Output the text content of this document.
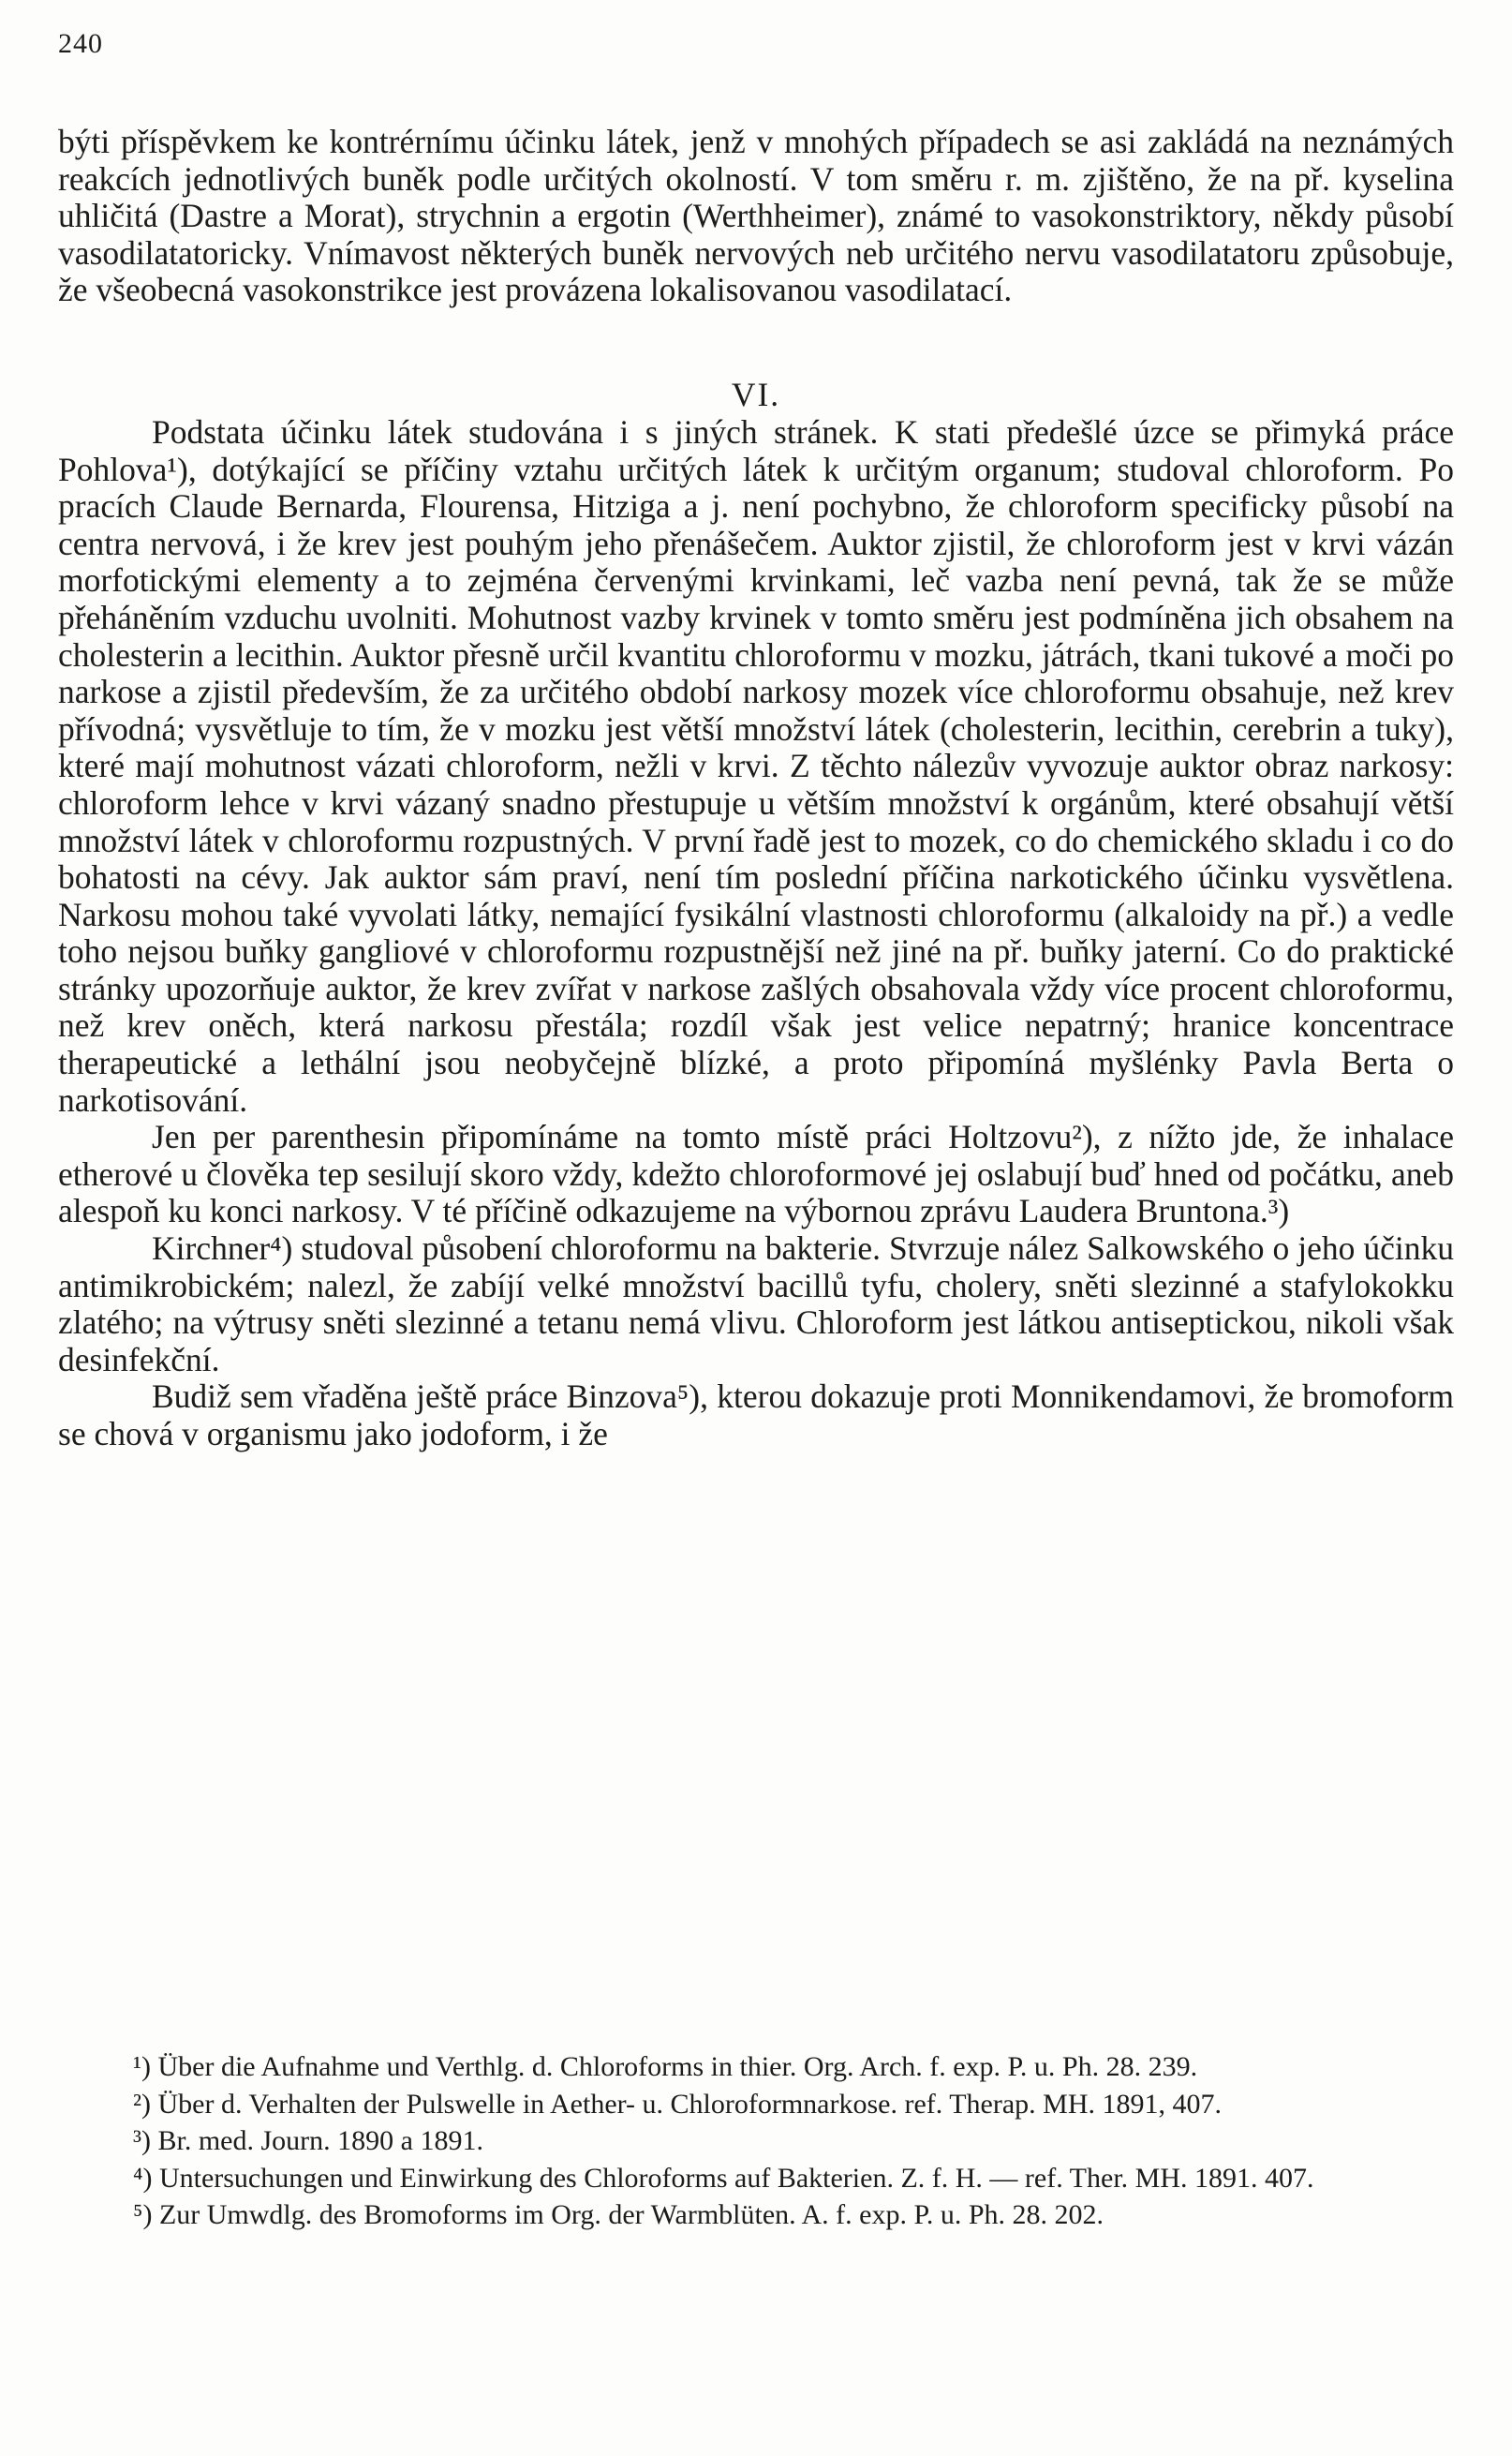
240

býti příspěvkem ke kontrérnímu účinku látek, jenž v mnohých případech se asi zakládá na neznámých reakcích jednotlivých buněk podle určitých okolností. V tom směru r. m. zjištěno, že na př. kyselina uhličitá (Dastre a Morat), strychnin a ergotin (Werthheimer), známé to vasokonstriktory, někdy působí vasodilatatoricky. Vnímavost některých buněk nervových neb určitého nervu vasodilatatoru způsobuje, že všeobecná vasokonstrikce jest provázena lokalisovanou vasodilatací.

VI.

Podstata účinku látek studována i s jiných stránek. K stati předešlé úzce se přimyká práce Pohlova¹), dotýkající se příčiny vztahu určitých látek k určitým organum; studoval chloroform. Po pracích Claude Bernarda, Flourensa, Hitziga a j. není pochybno, že chloroform specificky působí na centra nervová, i že krev jest pouhým jeho přenášečem. Auktor zjistil, že chloroform jest v krvi vázán morfotickými elementy a to zejména červenými krvinkami, leč vazba není pevná, tak že se může přeháněním vzduchu uvolniti. Mohutnost vazby krvinek v tomto směru jest podmíněna jich obsahem na cholesterin a lecithin. Auktor přesně určil kvantitu chloroformu v mozku, játrách, tkani tukové a moči po narkose a zjistil především, že za určitého období narkosy mozek více chloroformu obsahuje, než krev přívodná; vysvětluje to tím, že v mozku jest větší množství látek (cholesterin, lecithin, cerebrin a tuky), které mají mohutnost vázati chloroform, nežli v krvi. Z těchto nálezův vyvozuje auktor obraz narkosy: chloroform lehce v krvi vázaný snadno přestupuje u větším množství k orgánům, které obsahují větší množství látek v chloroformu rozpustných. V první řadě jest to mozek, co do chemického skladu i co do bohatosti na cévy. Jak auktor sám praví, není tím poslední příčina narkotického účinku vysvětlena. Narkosu mohou také vyvolati látky, nemající fysikální vlastnosti chloroformu (alkaloidy na př.) a vedle toho nejsou buňky gangliové v chloroformu rozpustnější než jiné na př. buňky jaterní. Co do praktické stránky upozorňuje auktor, že krev zvířat v narkose zašlých obsahovala vždy více procent chloroformu, než krev oněch, která narkosu přestála; rozdíl však jest velice nepatrný; hranice koncentrace therapeutické a lethální jsou neobyčejně blízké, a proto připomíná myšlénky Pavla Berta o narkotisování.

Jen per parenthesin připomínáme na tomto místě práci Holtzovu²), z nížto jde, že inhalace etherové u člověka tep sesilují skoro vždy, kdežto chloroformové jej oslabují buď hned od počátku, aneb alespoň ku konci narkosy. V té příčině odkazujeme na výbornou zprávu Laudera Bruntona.³)

Kirchner⁴) studoval působení chloroformu na bakterie. Stvrzuje nález Salkowského o jeho účinku antimikrobickém; nalezl, že zabíjí velké množství bacillů tyfu, cholery, sněti slezinné a stafylokokku zlatého; na výtrusy sněti slezinné a tetanu nemá vlivu. Chloroform jest látkou antiseptickou, nikoli však desinfekční.

Budiž sem vřaděna ještě práce Binzova⁵), kterou dokazuje proti Monnikendamovi, že bromoform se chová v organismu jako jodoform, i že

¹) Über die Aufnahme und Verthlg. d. Chloroforms in thier. Org. Arch. f. exp. P. u. Ph. 28. 239.

²) Über d. Verhalten der Pulswelle in Aether- u. Chloroformnarkose. ref. Therap. MH. 1891, 407.

³) Br. med. Journ. 1890 a 1891.

⁴) Untersuchungen und Einwirkung des Chloroforms auf Bakterien. Z. f. H. — ref. Ther. MH. 1891. 407.

⁵) Zur Umwdlg. des Bromoforms im Org. der Warmblüten. A. f. exp. P. u. Ph. 28. 202.
